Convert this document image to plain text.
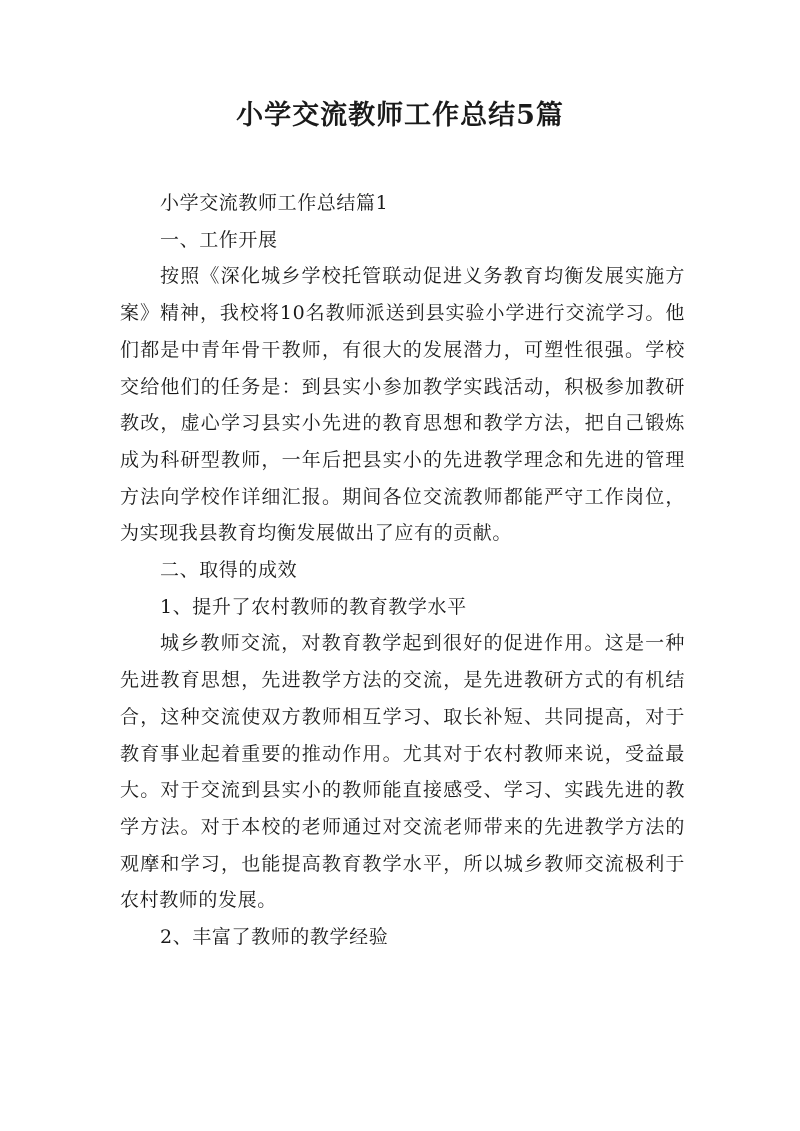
小学交流教师工作总结5篇

小学交流教师工作总结篇1

一、工作开展

按照《深化城乡学校托管联动促进义务教育均衡发展实施方案》精神，我校将10名教师派送到县实验小学进行交流学习。他们都是中青年骨干教师，有很大的发展潜力，可塑性很强。学校交给他们的任务是：到县实小参加教学实践活动，积极参加教研教改，虚心学习县实小先进的教育思想和教学方法，把自己锻炼成为科研型教师，一年后把县实小的先进教学理念和先进的管理方法向学校作详细汇报。期间各位交流教师都能严守工作岗位，为实现我县教育均衡发展做出了应有的贡献。

二、取得的成效

1、提升了农村教师的教育教学水平

城乡教师交流，对教育教学起到很好的促进作用。这是一种先进教育思想，先进教学方法的交流，是先进教研方式的有机结合，这种交流使双方教师相互学习、取长补短、共同提高，对于教育事业起着重要的推动作用。尤其对于农村教师来说，受益最大。对于交流到县实小的教师能直接感受、学习、实践先进的教学方法。对于本校的老师通过对交流老师带来的先进教学方法的观摩和学习，也能提高教育教学水平，所以城乡教师交流极利于农村教师的发展。

2、丰富了教师的教学经验
